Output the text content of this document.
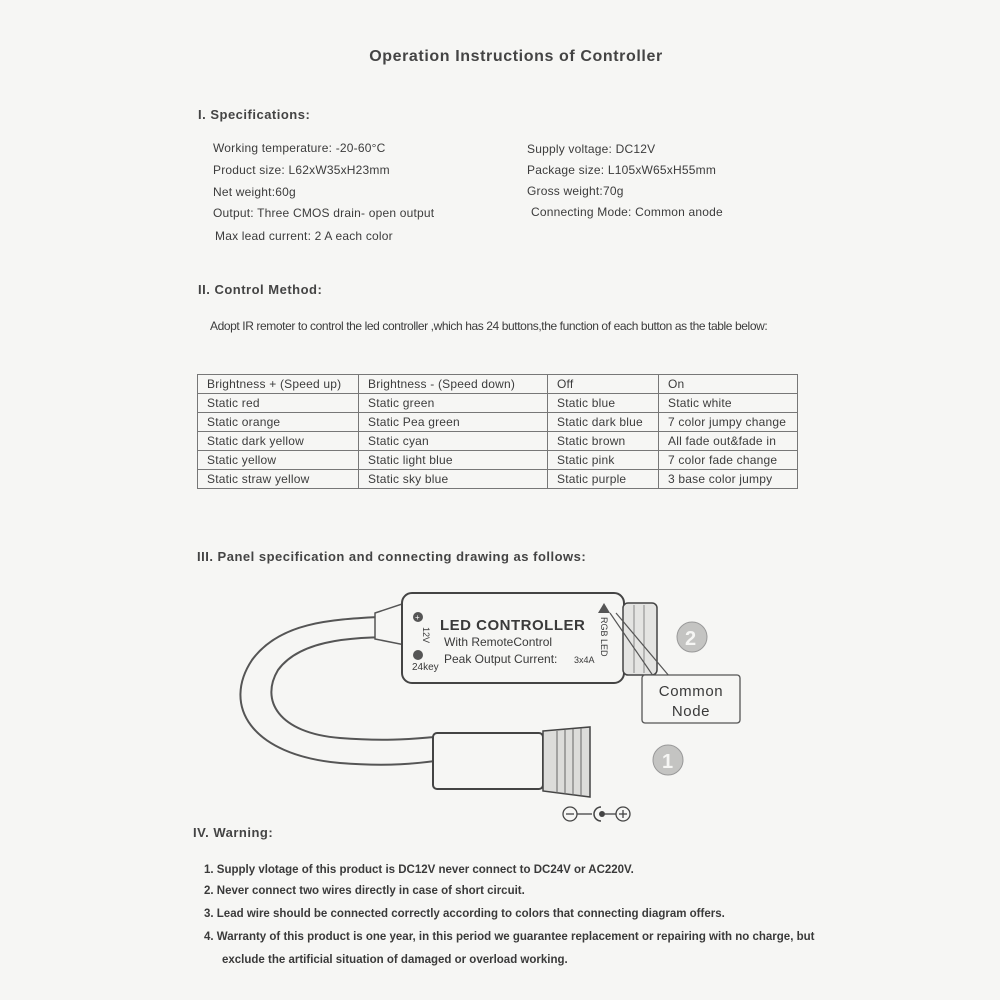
Operation Instructions of Controller
I. Specifications:
Working temperature: -20-60°C
Product size: L62xW35xH23mm
Net weight:60g
Output: Three CMOS drain- open output
Max lead current: 2 A each color
Supply voltage: DC12V
Package size: L105xW65xH55mm
Gross weight:70g
Connecting Mode: Common anode
II. Control Method:
Adopt IR remoter to control the led controller ,which has 24 buttons,the function of each button as the table below:
Brightness + (Speed up)	Brightness - (Speed down)	Off	On
Static red	Static green	Static blue	Static white
Static orange	Static Pea green	Static dark blue	7 color jumpy change
Static dark yellow	Static cyan	Static brown	All fade out&fade in
Static yellow	Static light blue	Static pink	7 color fade change
Static straw yellow	Static sky blue	Static purple	3 base color jumpy
III. Panel specification and connecting drawing as follows:
+
12V
24key
LED CONTROLLER
With RemoteControl
Peak Output Current: 3x4A
RGB LED	2
Common
Node
1
IV. Warning:
1. Supply vlotage of this product is DC12V never connect to DC24V or AC220V.
2. Never connect two wires directly in case of short circuit.
3. Lead wire should be connected correctly according to colors that connecting diagram offers.
4. Warranty of this product is one year, in this period we guarantee replacement or repairing with no charge, but
exclude the artificial situation of damaged or overload working.
